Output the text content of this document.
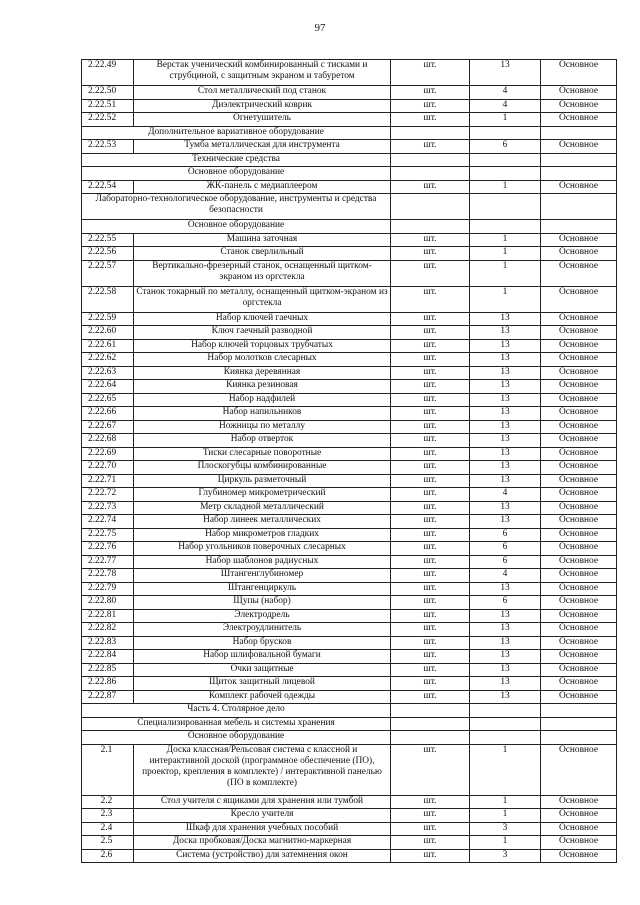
97
2.22.49	Верстак ученический комбинированный с тисками и струбциной, с защитным экраном и табуретом	шт.	13	Основное
2.22.50	Стол металлический под станок	шт.	4	Основное
2.22.51	Диэлектрический коврик	шт.	4	Основное
2.22.52	Огнетушитель	шт.	1	Основное

Дополнительное вариативное оборудование				

2.22.53	Тумба металлическая для инструмента	шт.	6	Основное

Технические средства				

Основное оборудование				

2.22.54	ЖК-панель с медиаплеером	шт.	1	Основное

Лабораторно-технологическое оборудование, инструменты и средства безопасности				

Основное оборудование				

2.22.55	Машина заточная	шт.	1	Основное
2.22.56	Станок сверлильный	шт.	1	Основное
2.22.57	Вертикально-фрезерный станок, оснащенный щитком-экраном из оргстекла	шт.	1	Основное
2.22.58	Станок токарный по металлу, оснащенный щитком-экраном из оргстекла	шт.	1	Основное
2.22.59	Набор ключей гаечных	шт.	13	Основное
2.22.60	Ключ гаечный разводной	шт.	13	Основное
2.22.61	Набор ключей торцовых трубчатых	шт.	13	Основное
2.22.62	Набор молотков слесарных	шт.	13	Основное
2.22.63	Киянка деревянная	шт.	13	Основное
2.22.64	Киянка резиновая	шт.	13	Основное
2.22.65	Набор надфилей	шт.	13	Основное
2.22.66	Набор напильников	шт.	13	Основное
2.22.67	Ножницы по металлу	шт.	13	Основное
2.22.68	Набор отверток	шт.	13	Основное
2.22.69	Тиски слесарные поворотные	шт.	13	Основное
2.22.70	Плоскогубцы комбинированные	шт.	13	Основное
2.22.71	Циркуль разметочный	шт.	13	Основное
2.22.72	Глубиномер микрометрический	шт.	4	Основное
2.22.73	Метр складной металлический	шт.	13	Основное
2.22.74	Набор линеек металлических	шт.	13	Основное
2.22.75	Набор микрометров гладких	шт.	6	Основное
2.22.76	Набор угольников поверочных слесарных	шт.	6	Основное
2.22.77	Набор шаблонов радиусных	шт.	6	Основное
2.22.78	Штангенглубиномер	шт.	4	Основное
2.22.79	Штангенциркуль	шт.	13	Основное
2.22.80	Щупы (набор)	шт.	6	Основное
2.22.81	Электродрель	шт.	13	Основное
2.22.82	Электроудлинитель	шт.	13	Основное
2.22.83	Набор брусков	шт.	13	Основное
2.22.84	Набор шлифовальной бумаги	шт.	13	Основное
2.22.85	Очки защитные	шт.	13	Основное
2.22.86	Щиток защитный лицевой	шт.	13	Основное
2.22.87	Комплект рабочей одежды	шт.	13	Основное

Часть 4. Столярное дело				

Специализированная мебель и системы хранения				

Основное оборудование				

2.1	Доска классная/Рельсовая система с классной и интерактивной доской (программное обеспечение (ПО), проектор, крепления в комплекте) / интерактивной панелью (ПО в комплекте)	шт.	1	Основное
2.2	Стол учителя с ящиками для хранения или тумбой	шт.	1	Основное
2.3	Кресло учителя	шт.	1	Основное
2.4	Шкаф для хранения учебных пособий	шт.	3	Основное
2.5	Доска пробковая/Доска магнитно-маркерная	шт.	1	Основное
2.6	Система (устройство) для затемнения окон	шт.	3	Основное
